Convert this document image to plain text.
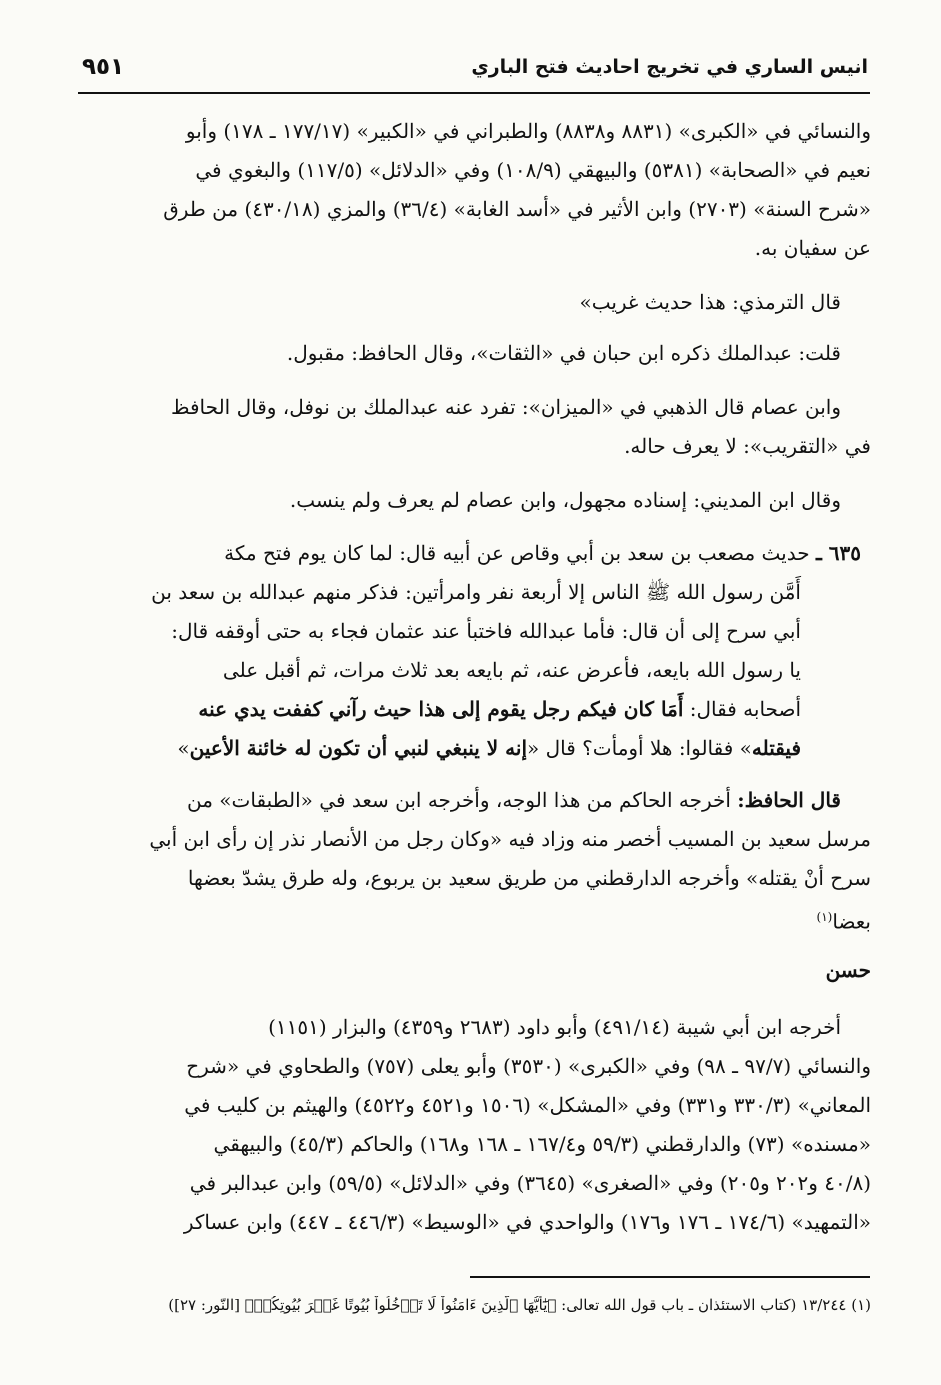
٩٥١	انيس الساري في تخريج احاديث فتح الباري
والنسائي في «الكبرى» (٨٨٣١ و٨٨٣٨) والطبراني في «الكبير» (١٧٧/١٧ ـ ١٧٨) وأبو
نعيم في «الصحابة» (٥٣٨١) والبيهقي (١٠٨/٩) وفي «الدلائل» (١١٧/٥) والبغوي في
«شرح السنة» (٢٧٠٣) وابن الأثير في «أسد الغابة» (٣٦/٤) والمزي (٤٣٠/١٨) من طرق
عن سفيان به.
قال الترمذي: هذا حديث غريب»
قلت: عبدالملك ذكره ابن حبان في «الثقات»، وقال الحافظ: مقبول.
وابن عصام قال الذهبي في «الميزان»: تفرد عنه عبدالملك بن نوفل، وقال الحافظ
في «التقريب»: لا يعرف حاله.
وقال ابن المديني: إسناده مجهول، وابن عصام لم يعرف ولم ينسب.
٦٣٥ ـ حديث مصعب بن سعد بن أبي وقاص عن أبيه قال: لما كان يوم فتح مكة
أَمَّن رسول الله ﷺ الناس إلا أربعة نفر وامرأتين: فذكر منهم عبدالله بن سعد بن
أبي سرح إلى أن قال: فأما عبدالله فاختبأ عند عثمان فجاء به حتى أوقفه قال:
يا رسول الله بايعه، فأعرض عنه، ثم بايعه بعد ثلاث مرات، ثم أقبل على
أصحابه فقال: أَمَا كان فيكم رجل يقوم إلى هذا حيث رآني كففت يدي عنه
فيقتله» فقالوا: هلا أومأت؟ قال «إنه لا ينبغي لنبي أن تكون له خائنة الأعين»
قال الحافظ: أخرجه الحاكم من هذا الوجه، وأخرجه ابن سعد في «الطبقات» من
مرسل سعيد بن المسيب أخصر منه وزاد فيه «وكان رجل من الأنصار نذر إن رأى ابن أبي
سرح أنْ يقتله» وأخرجه الدارقطني من طريق سعيد بن يربوع، وله طرق يشدّ بعضها
بعضا$^{(١)}$
حسن
أخرجه ابن أبي شيبة (٤٩١/١٤) وأبو داود (٢٦٨٣ و٤٣٥٩) والبزار (١١٥١)
والنسائي (٩٧/٧ ـ ٩٨) وفي «الكبرى» (٣٥٣٠) وأبو يعلى (٧٥٧) والطحاوي في «شرح
المعاني» (٣٣٠/٣ و٣٣١) وفي «المشكل» (١٥٠٦ و٤٥٢١ و٤٥٢٢) والهيثم بن كليب في
«مسنده» (٧٣) والدارقطني (٥٩/٣ و١٦٧/٤ ـ ١٦٨ و١٦٨) والحاكم (٤٥/٣) والبيهقي
(٤٠/٨ و٢٠٢ و٢٠٥) وفي «الصغرى» (٣٦٤٥) وفي «الدلائل» (٥٩/٥) وابن عبدالبر في
«التمهيد» (١٧٤/٦ ـ ١٧٦ و١٧٦) والواحدي في «الوسيط» (٤٤٦/٣ ـ ٤٤٧) وابن عساكر
(١) ١٣/٢٤٤ (كتاب الاستئذان ـ باب قول الله تعالى: ﴿يَٰٓأَيُّهَا ٱلَّذِينَ ءَامَنُواْ لَا تَدۡخُلُواْ بُيُوتًا غَيۡرَ بُيُوتِكُمۡ﴾ [النّور: ٢٧])
